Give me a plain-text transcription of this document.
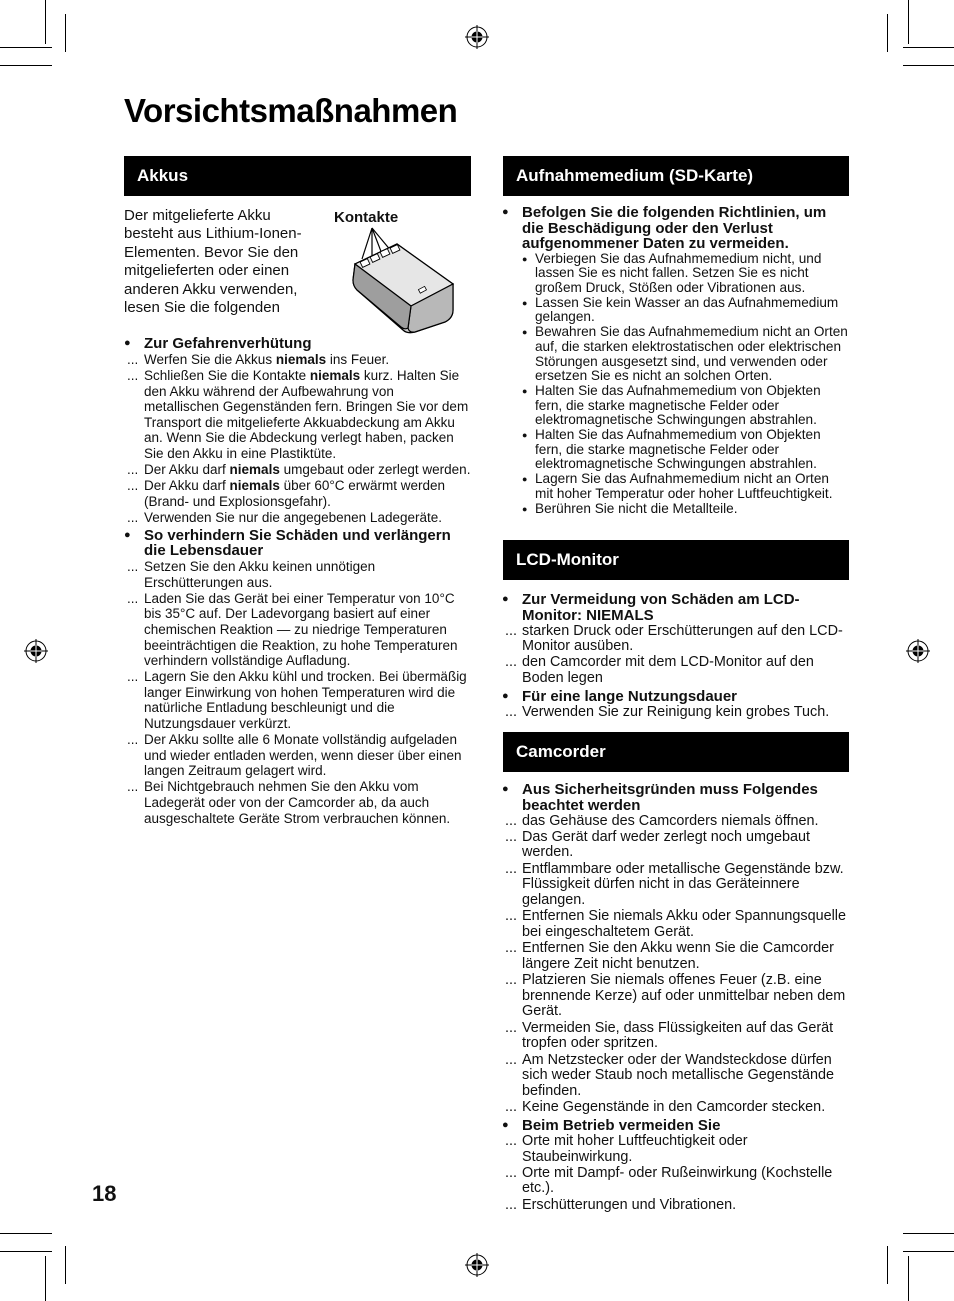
Vorsichtsmaßnahmen
Akkus	Aufnahmemedium (SD-Karte)
LCD-Monitor
Camcorder
Der mitgelieferte Akku besteht aus Lithium-Ionen-Elementen. Bevor Sie den mitgelieferten oder einen anderen Akku verwenden, lesen Sie die folgenden
Kontakte
● Zur Gefahrenverhütung
... Werfen Sie die Akkus niemals ins Feuer.
... Schließen Sie die Kontakte niemals kurz. Halten Sie den Akku während der Aufbewahrung von metallischen Gegenständen fern. Bringen Sie vor dem Transport die mitgelieferte Akkuabdeckung am Akku an. Wenn Sie die Abdeckung verlegt haben, packen Sie den Akku in eine Plastiktüte.
... Der Akku darf niemals umgebaut oder zerlegt werden.
... Der Akku darf niemals über 60°C erwärmt werden (Brand- und Explosionsgefahr).
... Verwenden Sie nur die angegebenen Ladegeräte.
● So verhindern Sie Schäden und verlängern die Lebensdauer
... Setzen Sie den Akku keinen unnötigen Erschütterungen aus.
... Laden Sie das Gerät bei einer Temperatur von 10°C bis 35°C auf. Der Ladevorgang basiert auf einer chemischen Reaktion — zu niedrige Temperaturen beeinträchtigen die Reaktion, zu hohe Temperaturen verhindern vollständige Aufladung.
... Lagern Sie den Akku kühl und trocken. Bei übermäßig langer Einwirkung von hohen Temperaturen wird die natürliche Entladung beschleunigt und die Nutzungsdauer verkürzt.
... Der Akku sollte alle 6 Monate vollständig aufgeladen und wieder entladen werden, wenn dieser über einen langen Zeitraum gelagert wird.
... Bei Nichtgebrauch nehmen Sie den Akku vom Ladegerät oder von der Camcorder ab, da auch ausgeschaltete Geräte Strom verbrauchen können.
● Befolgen Sie die folgenden Richtlinien, um die Beschädigung oder den Verlust aufgenommener Daten zu vermeiden.
● Verbiegen Sie das Aufnahmemedium nicht, und lassen Sie es nicht fallen. Setzen Sie es nicht großem Druck, Stößen oder Vibrationen aus.
● Lassen Sie kein Wasser an das Aufnahmemedium gelangen.
● Bewahren Sie das Aufnahmemedium nicht an Orten auf, die starken elektrostatischen oder elektrischen Störungen ausgesetzt sind, und verwenden oder ersetzen Sie es nicht an solchen Orten.
● Halten Sie das Aufnahmemedium von Objekten fern, die starke magnetische Felder oder elektromagnetische Schwingungen abstrahlen.
● Halten Sie das Aufnahmemedium von Objekten fern, die starke magnetische Felder oder elektromagnetische Schwingungen abstrahlen.
● Lagern Sie das Aufnahmemedium nicht an Orten mit hoher Temperatur oder hoher Luftfeuchtigkeit.
● Berühren Sie nicht die Metallteile.
● Zur Vermeidung von Schäden am LCD-Monitor: NIEMALS
... starken Druck oder Erschütterungen auf den LCD-Monitor ausüben.
... den Camcorder mit dem LCD-Monitor auf den Boden legen
● Für eine lange Nutzungsdauer
... Verwenden Sie zur Reinigung kein grobes Tuch.
● Aus Sicherheitsgründen muss Folgendes beachtet werden
... das Gehäuse des Camcorders niemals öffnen.
... Das Gerät darf weder zerlegt noch umgebaut werden.
... Entflammbare oder metallische Gegenstände bzw. Flüssigkeit dürfen nicht in das Geräteinnere gelangen.
... Entfernen Sie niemals Akku oder Spannungsquelle bei eingeschaltetem Gerät.
... Entfernen Sie den Akku wenn Sie die Camcorder längere Zeit nicht benutzen.
... Platzieren Sie niemals offenes Feuer (z.B. eine brennende Kerze) auf oder unmittelbar neben dem Gerät.
... Vermeiden Sie, dass Flüssigkeiten auf das Gerät tropfen oder spritzen.
... Am Netzstecker oder der Wandsteckdose dürfen sich weder Staub noch metallische Gegenstände befinden.
... Keine Gegenstände in den Camcorder stecken.
● Beim Betrieb vermeiden Sie
... Orte mit hoher Luftfeuchtigkeit oder Staubeinwirkung.
... Orte mit Dampf- oder Rußeinwirkung (Kochstelle etc.).
... Erschütterungen und Vibrationen.
18
